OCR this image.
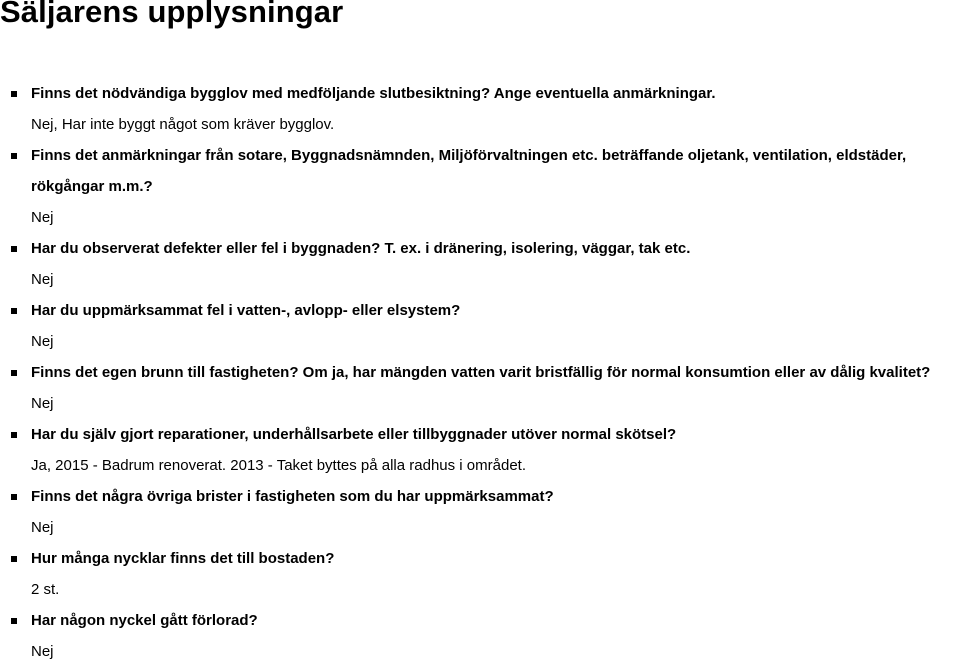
Säljarens upplysningar
Finns det nödvändiga bygglov med medföljande slutbesiktning? Ange eventuella anmärkningar.
Nej, Har inte byggt något som kräver bygglov.
Finns det anmärkningar från sotare, Byggnadsnämnden, Miljöförvaltningen etc. beträffande oljetank, ventilation, eldstäder,
rökgångar m.m.?
Nej
Har du observerat defekter eller fel i byggnaden? T. ex. i dränering, isolering, väggar, tak etc.
Nej
Har du uppmärksammat fel i vatten-, avlopp- eller elsystem?
Nej
Finns det egen brunn till fastigheten? Om ja, har mängden vatten varit bristfällig för normal konsumtion eller av dålig kvalitet?
Nej
Har du själv gjort reparationer, underhållsarbete eller tillbyggnader utöver normal skötsel?
Ja, 2015 - Badrum renoverat. 2013 - Taket byttes på alla radhus i området.
Finns det några övriga brister i fastigheten som du har uppmärksammat?
Nej
Hur många nycklar finns det till bostaden?
2 st.
Har någon nyckel gått förlorad?
Nej
